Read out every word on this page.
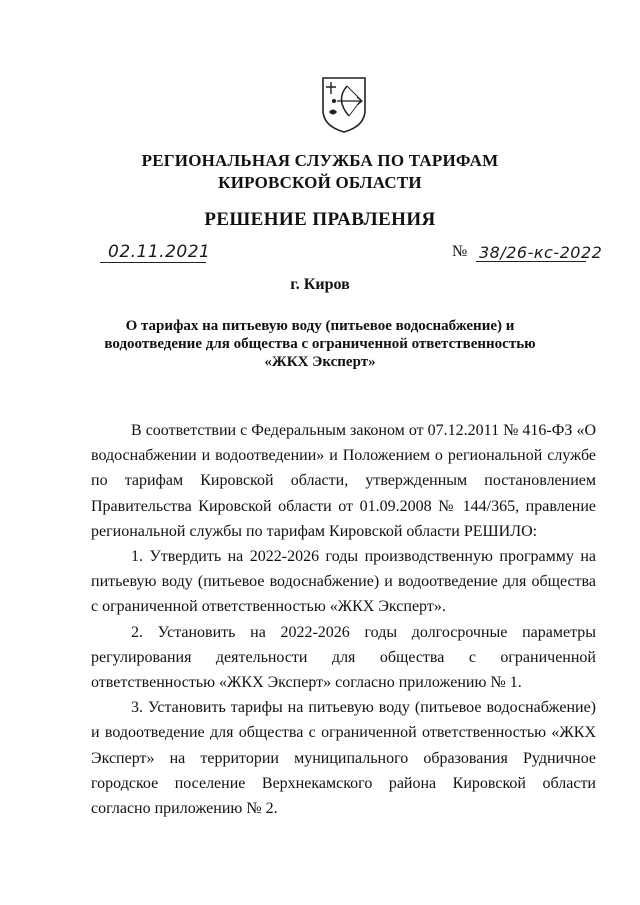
РЕГИОНАЛЬНАЯ СЛУЖБА ПО ТАРИФАМ
КИРОВСКОЙ ОБЛАСТИ
РЕШЕНИЕ ПРАВЛЕНИЯ
02.11.2021	№ 38/26-кс-2022
г. Киров
О тарифах на питьевую воду (питьевое водоснабжение) и
водоотведение для общества с ограниченной ответственностью
«ЖКХ Эксперт»

В соответствии с Федеральным законом от 07.12.2011 № 416-ФЗ «О водоснабжении и водоотведении» и Положением о региональной службе по тарифам Кировской области, утвержденным постановлением Правительства Кировской области от 01.09.2008 № 144/365, правление региональной службы по тарифам Кировской области РЕШИЛО:

1. Утвердить на 2022-2026 годы производственную программу на питьевую воду (питьевое водоснабжение) и водоотведение для общества с ограниченной ответственностью «ЖКХ Эксперт».

2. Установить на 2022-2026 годы долгосрочные параметры регулирования деятельности для общества с ограниченной ответственностью «ЖКХ Эксперт» согласно приложению № 1.

3. Установить тарифы на питьевую воду (питьевое водоснабжение) и водоотведение для общества с ограниченной ответственностью «ЖКХ Эксперт» на территории муниципального образования Рудничное городское поселение Верхнекамского района Кировской области согласно приложению № 2.
